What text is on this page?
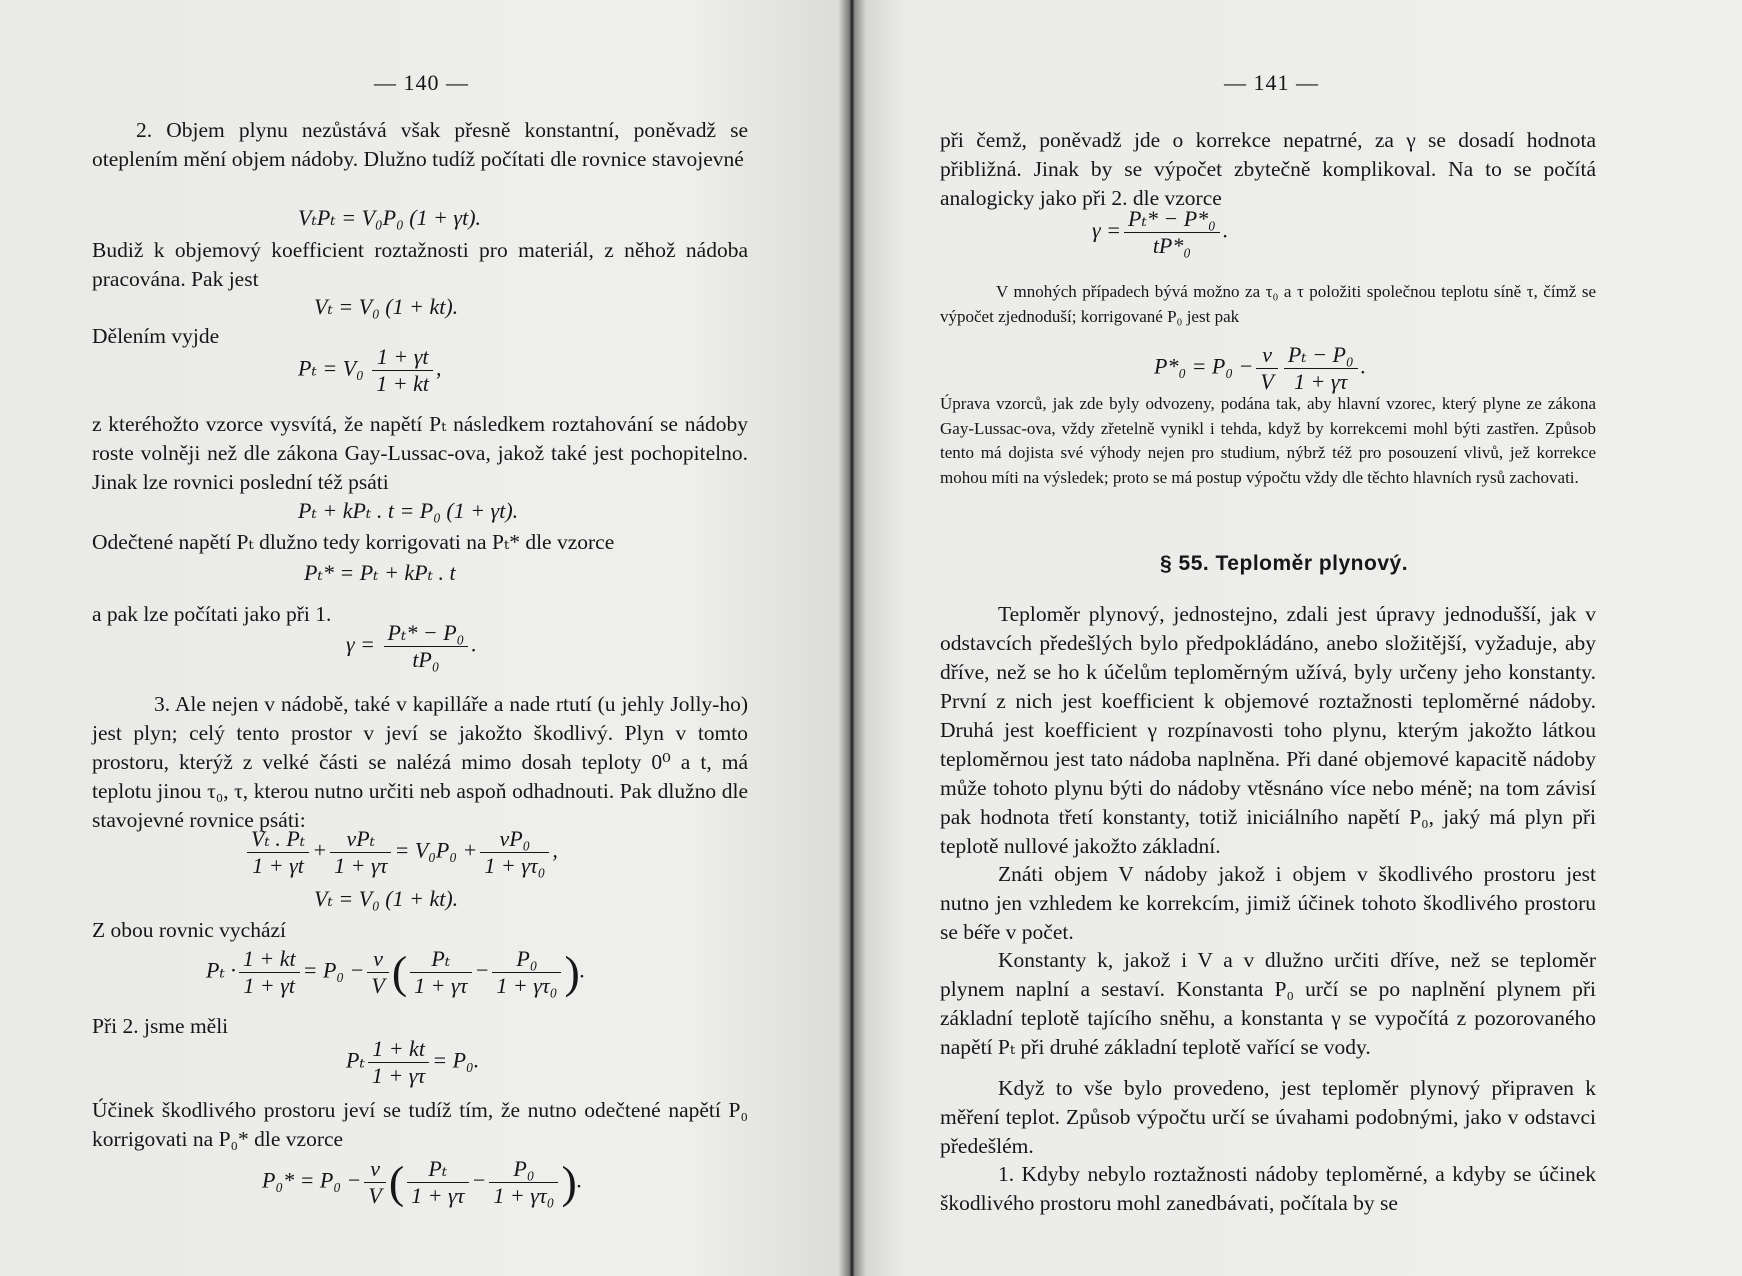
— 140 —
2. Objem plynu nezůstává však přesně konstantní, poněvadž se oteplením mění objem nádoby. Dlužno tudíž počítati dle rovnice stavojevné
VₜPₜ = V₀P₀ (1 + γt).
Budiž k objemový koefficient roztažnosti pro materiál, z něhož nádoba pracována. Pak jest
Vₜ = V₀ (1 + kt).
Dělením vyjde
$P_t = V_0 \frac{1 + \gamma t}{1 + kt}$ ,
z kteréhožto vzorce vysvítá, že napětí Pₜ následkem roztahování se nádoby roste volněji než dle zákona Gay-Lussac-ova, jakož také jest pochopitelno. Jinak lze rovnici poslední též psáti
Pₜ + kPₜ . t = P₀ (1 + γt).
Odečtené napětí Pₜ dlužno tedy korrigovati na Pₜ* dle vzorce
Pₜ* = Pₜ + kPₜ . t
a pak lze počítati jako při 1.
$\gamma = \frac{\text{Pₜ* − P₀}}{\text{tP₀}}$ .
3. Ale nejen v nádobě, také v kapilláře a nade rtutí (u jehly Jolly-ho) jest plyn; celý tento prostor v jeví se jakožto škodlivý. Plyn v tomto prostoru, kterýž z velké části se nalézá mimo dosah teploty 0⁰ a t, má teplotu jinou τ₀, τ, kterou nutno určiti neb aspoň odhadnouti. Pak dlužno dle stavojevné rovnice psáti:
$\frac{\text{Vₜ . Pₜ}}{1 + \gamma t} + \frac{\text{vPₜ}}{1 + \gamma\tau} = V_0P_0 + \frac{\text{vP₀}}{\text{1 + γτ₀}}$ ,
Vₜ = V₀ (1 + kt).
Z obou rovnic vychází
$P_t \cdot \frac{1 + kt}{1 + \gamma t} = P_0 - \frac{v}{V}$ ( $\frac{\text{Pₜ}}{1 + \gamma\tau} - \frac{\text{P₀}}{\text{1 + γτ₀}}$ ).
Při 2. jsme měli
Pₜ $\frac{1 + kt}{1 + \gamma\tau} = P_0$.
Účinek škodlivého prostoru jeví se tudíž tím, že nutno odečtené napětí P₀ korrigovati na P₀* dle vzorce
$P_0* = P_0 - \frac{v}{V}$ ( $\frac{\text{Pₜ}}{1 + \gamma\tau} - \frac{\text{P₀}}{\text{1 + γτ₀}}$ ).
— 141 —
při čemž, poněvadž jde o korrekce nepatrné, za γ se dosadí hodnota přibližná. Jinak by se výpočet zbytečně komplikoval. Na to se počítá analogicky jako při 2. dle vzorce
$\gamma = \frac{\text{Pₜ* − P*₀}}{\text{tP*₀}}$ .
V mnohých případech bývá možno za τ₀ a τ položiti společnou teplotu síně τ, čímž se výpočet zjednoduší; korrigované P₀ jest pak
$P*_0 = P_0 - \frac{v}{V} \frac{\text{Pₜ − P₀}}{1 + \gamma\tau}$ .
Úprava vzorců, jak zde byly odvozeny, podána tak, aby hlavní vzorec, který plyne ze zákona Gay-Lussac-ova, vždy zřetelně vynikl i tehda, když by korrekcemi mohl býti zastřen. Způsob tento má dojista své výhody nejen pro studium, nýbrž též pro posouzení vlivů, jež korrekce mohou míti na výsledek; proto se má postup výpočtu vždy dle těchto hlavních rysů zachovati.
§ 55. Teploměr plynový.
Teploměr plynový, jednostejno, zdali jest úpravy jednodušší, jak v odstavcích předešlých bylo předpokládáno, anebo složitější, vyžaduje, aby dříve, než se ho k účelům teploměrným užívá, byly určeny jeho konstanty. První z nich jest koefficient k objemové roztažnosti teploměrné nádoby. Druhá jest koefficient γ rozpínavosti toho plynu, kterým jakožto látkou teploměrnou jest tato nádoba naplněna. Při dané objemové kapacitě nádoby může tohoto plynu býti do nádoby vtěsnáno více nebo méně; na tom závisí pak hodnota třetí konstanty, totiž iniciálního napětí P₀, jaký má plyn při teplotě nullové jakožto základní.
Znáti objem V nádoby jakož i objem v škodlivého prostoru jest nutno jen vzhledem ke korrekcím, jimiž účinek tohoto škodlivého prostoru se béře v počet.
Konstanty k, jakož i V a v dlužno určiti dříve, než se teploměr plynem naplní a sestaví. Konstanta P₀ určí se po naplnění plynem při základní teplotě tajícího sněhu, a konstanta γ se vypočítá z pozorovaného napětí Pₜ při druhé základní teplotě vařící se vody.
Když to vše bylo provedeno, jest teploměr plynový připraven k měření teplot. Způsob výpočtu určí se úvahami podobnými, jako v odstavci předešlém.
1. Kdyby nebylo roztažnosti nádoby teploměrné, a kdyby se účinek škodlivého prostoru mohl zanedbávati, počítala by se
